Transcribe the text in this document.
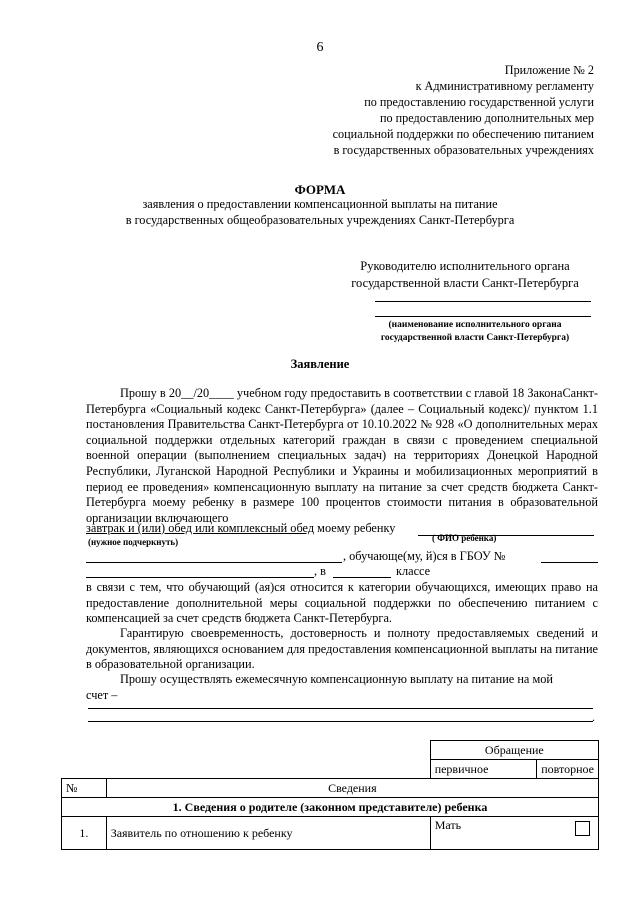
6
Приложение № 2
к Административному регламенту
по предоставлению государственной услуги
по предоставлению дополнительных мер
социальной поддержки по обеспечению питанием
в государственных образовательных учреждениях
ФОРМА
заявления о предоставлении компенсационной выплаты на питание
в государственных общеобразовательных учреждениях Санкт-Петербурга
Руководителю исполнительного органа
государственной власти Санкт-Петербурга
(наименование исполнительного органа
государственной власти Санкт-Петербурга)
Заявление
Прошу в 20__/20____ учебном году предоставить в соответствии с главой 18 ЗаконаСанкт-Петербурга «Социальный кодекс Санкт-Петербурга» (далее – Социальный кодекс)/ пунктом 1.1 постановления Правительства Санкт-Петербурга от 10.10.2022 № 928 «О дополнительных мерах социальной поддержки отдельных категорий граждан в связи с проведением специальной военной операции (выполнением специальных задач) на территориях Донецкой Народной Республики, Луганской Народной Республики и Украины и мобилизационных мероприятий в период ее проведения» компенсационную выплату на питание за счет средств бюджета Санкт-Петербурга моему ребенку в размере 100 процентов стоимости питания в образовательной организации включающего
завтрак и (или) обед или комплексный обед моему ребенку
(нужное подчеркнуть)	( ФИО ребенка)
, обучающе(му, й)ся в ГБОУ №
, в	классе
в связи с тем, что обучающий (ая)ся относится к категории обучающихся, имеющих право на предоставление дополнительной меры социальной поддержки по обеспечению питанием с компенсацией за счет средств бюджета Санкт-Петербурга.
Гарантирую своевременность, достоверность и полноту предоставляемых сведений и документов, являющихся основанием для предоставления компенсационной выплаты на питание в образовательной организации.
Прошу осуществлять ежемесячную компенсационную выплату на питание на мой
счет –
.
		Обращение	
		первичное	повторное
№	Сведения		
1. Сведения о родителе (законном представителе) ребенка			
1.	Заявитель по отношению к ребенку	Мать	
